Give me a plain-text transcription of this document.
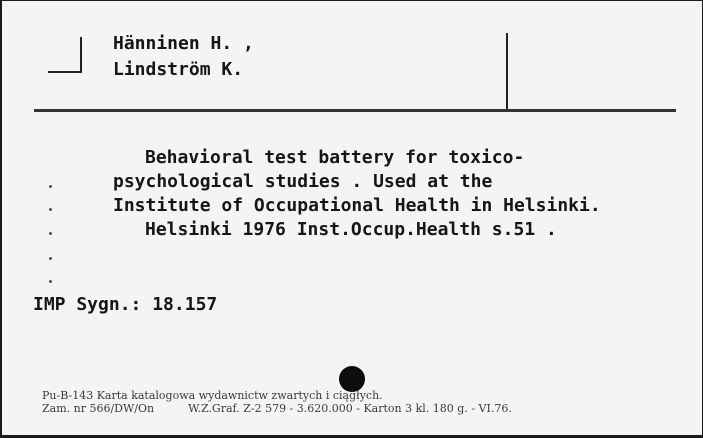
Hänninen H. ,
Lindström K.
Behavioral test battery for toxico-
psychological studies . Used at the
Institute of Occupational Health in Helsinki.
Helsinki 1976 Inst.Occup.Health s.51 .
IMP Sygn.: 18.157
Pu-B-143 Karta katalogowa wydawnictw zwartych i ciągłych.
Zam. nr 566/DW/On	W.Z.Graf. Z-2 579 - 3.620.000 - Karton 3 kl. 180 g. - VI.76.
